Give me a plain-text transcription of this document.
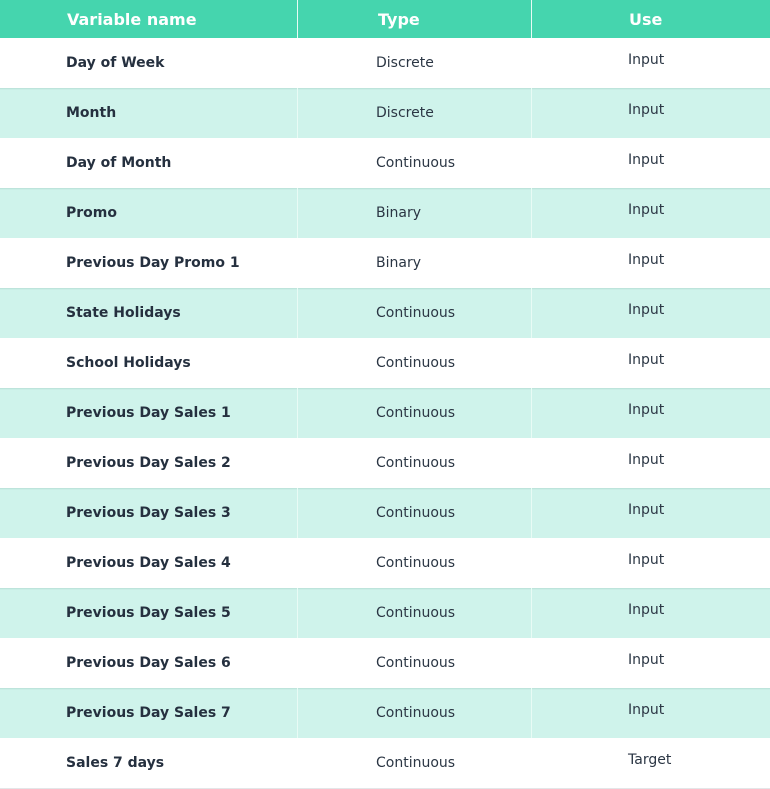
Variable name	Type	Use
Day of Week	Discrete	Input
Month	Discrete	Input
Day of Month	Continuous	Input
Promo	Binary	Input
Previous Day Promo 1	Binary	Input
State Holidays	Continuous	Input
School Holidays	Continuous	Input
Previous Day Sales 1	Continuous	Input
Previous Day Sales 2	Continuous	Input
Previous Day Sales 3	Continuous	Input
Previous Day Sales 4	Continuous	Input
Previous Day Sales 5	Continuous	Input
Previous Day Sales 6	Continuous	Input
Previous Day Sales 7	Continuous	Input
Sales 7 days	Continuous	Target
